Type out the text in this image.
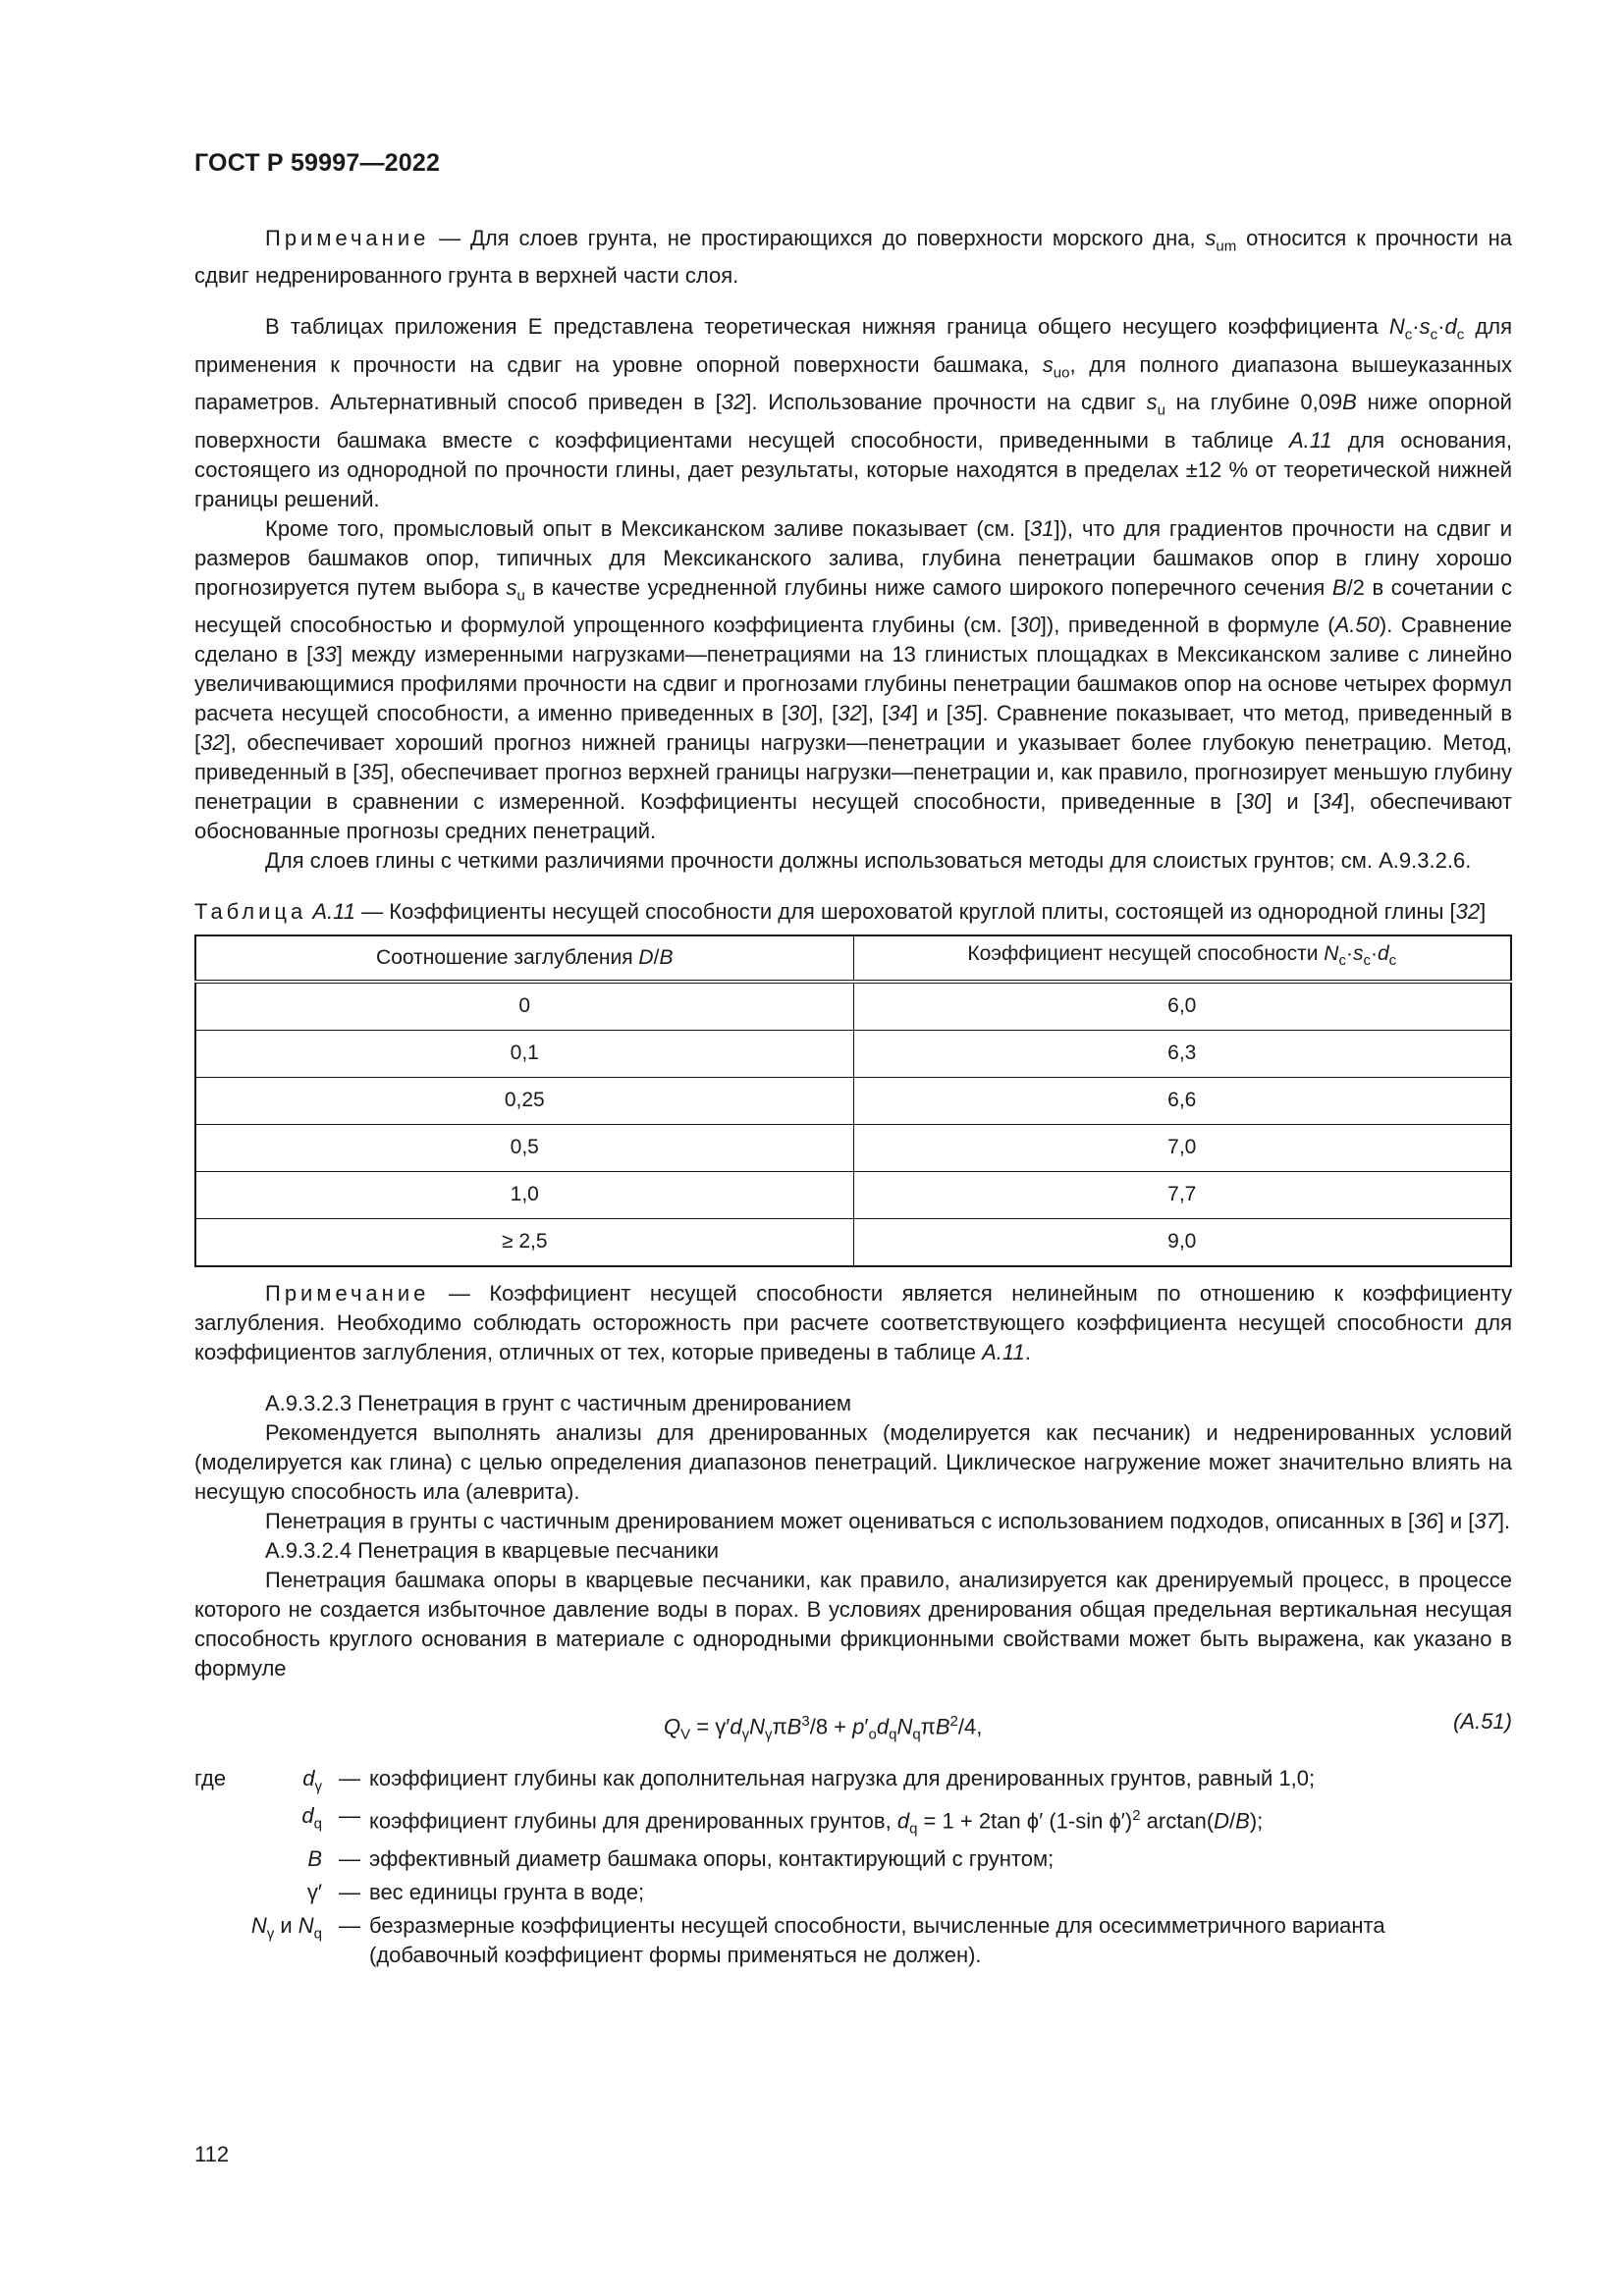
ГОСТ Р 59997—2022

Примечание — Для слоев грунта, не простирающихся до поверхности морского дна, $s_{um}$ относится к прочности на сдвиг недренированного грунта в верхней части слоя.

В таблицах приложения Е представлена теоретическая нижняя граница общего несущего коэффициента $N_c\cdot s_c\cdot d_c$ для применения к прочности на сдвиг на уровне опорной поверхности башмака, $s_{uo}$, для полного диапазона вышеуказанных параметров. Альтернативный способ приведен в [32]. Использование прочности на сдвиг $s_u$ на глубине 0,09B ниже опорной поверхности башмака вместе с коэффициентами несущей способности, приведенными в таблице A.11 для основания, состоящего из однородной по прочности глины, дает результаты, которые находятся в пределах ±12 % от теоретической нижней границы решений.

Кроме того, промысловый опыт в Мексиканском заливе показывает (см. [31]), что для градиентов прочности на сдвиг и размеров башмаков опор, типичных для Мексиканского залива, глубина пенетрации башмаков опор в глину хорошо прогнозируется путем выбора $s_u$ в качестве усредненной глубины ниже самого широкого поперечного сечения B/2 в сочетании с несущей способностью и формулой упрощенного коэффициента глубины (см. [30]), приведенной в формуле (A.50). Сравнение сделано в [33] между измеренными нагрузками—пенетрациями на 13 глинистых площадках в Мексиканском заливе с линейно увеличивающимися профилями прочности на сдвиг и прогнозами глубины пенетрации башмаков опор на основе четырех формул расчета несущей способности, а именно приведенных в [30], [32], [34] и [35]. Сравнение показывает, что метод, приведенный в [32], обеспечивает хороший прогноз нижней границы нагрузки—пенетрации и указывает более глубокую пенетрацию. Метод, приведенный в [35], обеспечивает прогноз верхней границы нагрузки—пенетрации и, как правило, прогнозирует меньшую глубину пенетрации в сравнении с измеренной. Коэффициенты несущей способности, приведенные в [30] и [34], обеспечивают обоснованные прогнозы средних пенетраций.

Для слоев глины с четкими различиями прочности должны использоваться методы для слоистых грунтов; см. А.9.3.2.6.

Таблица A.11 — Коэффициенты несущей способности для шероховатой круглой плиты, состоящей из однородной глины [32]

Соотношение заглубления D/B	Коэффициент несущей способности $N_c\cdot s_c\cdot d_c$
0	6,0
0,1	6,3
0,25	6,6
0,5	7,0
1,0	7,7
≥ 2,5	9,0

Примечание — Коэффициент несущей способности является нелинейным по отношению к коэффициенту заглубления. Необходимо соблюдать осторожность при расчете соответствующего коэффициента несущей способности для коэффициентов заглубления, отличных от тех, которые приведены в таблице A.11.

А.9.3.2.3 Пенетрация в грунт с частичным дренированием

Рекомендуется выполнять анализы для дренированных (моделируется как песчаник) и недренированных условий (моделируется как глина) с целью определения диапазонов пенетраций. Циклическое нагружение может значительно влиять на несущую способность ила (алеврита).

Пенетрация в грунты с частичным дренированием может оцениваться с использованием подходов, описанных в [36] и [37].

А.9.3.2.4 Пенетрация в кварцевые песчаники

Пенетрация башмака опоры в кварцевые песчаники, как правило, анализируется как дренируемый процесс, в процессе которого не создается избыточное давление воды в порах. В условиях дренирования общая предельная вертикальная несущая способность круглого основания в материале с однородными фрикционными свойствами может быть выражена, как указано в формуле

$Q_V = \gamma'd_\gamma N_\gamma\pi B^3/8 + p'_od_qN_q\pi B^2/4$,	(A.51)
где	$d_\gamma$ — коэффициент глубины как дополнительная нагрузка для дренированных грунтов, равный 1,0;
$d_q$ — коэффициент глубины для дренированных грунтов, $d_q = 1 + 2\tan$ ϕ′ (1-sin ϕ′)$^2$ arctan(D/B);
B — эффективный диаметр башмака опоры, контактирующий с грунтом;
γ′ — вес единицы грунта в воде;
$N_\gamma$ и $N_q$ — безразмерные коэффициенты несущей способности, вычисленные для осесимметричного варианта (добавочный коэффициент формы применяться не должен).
112
